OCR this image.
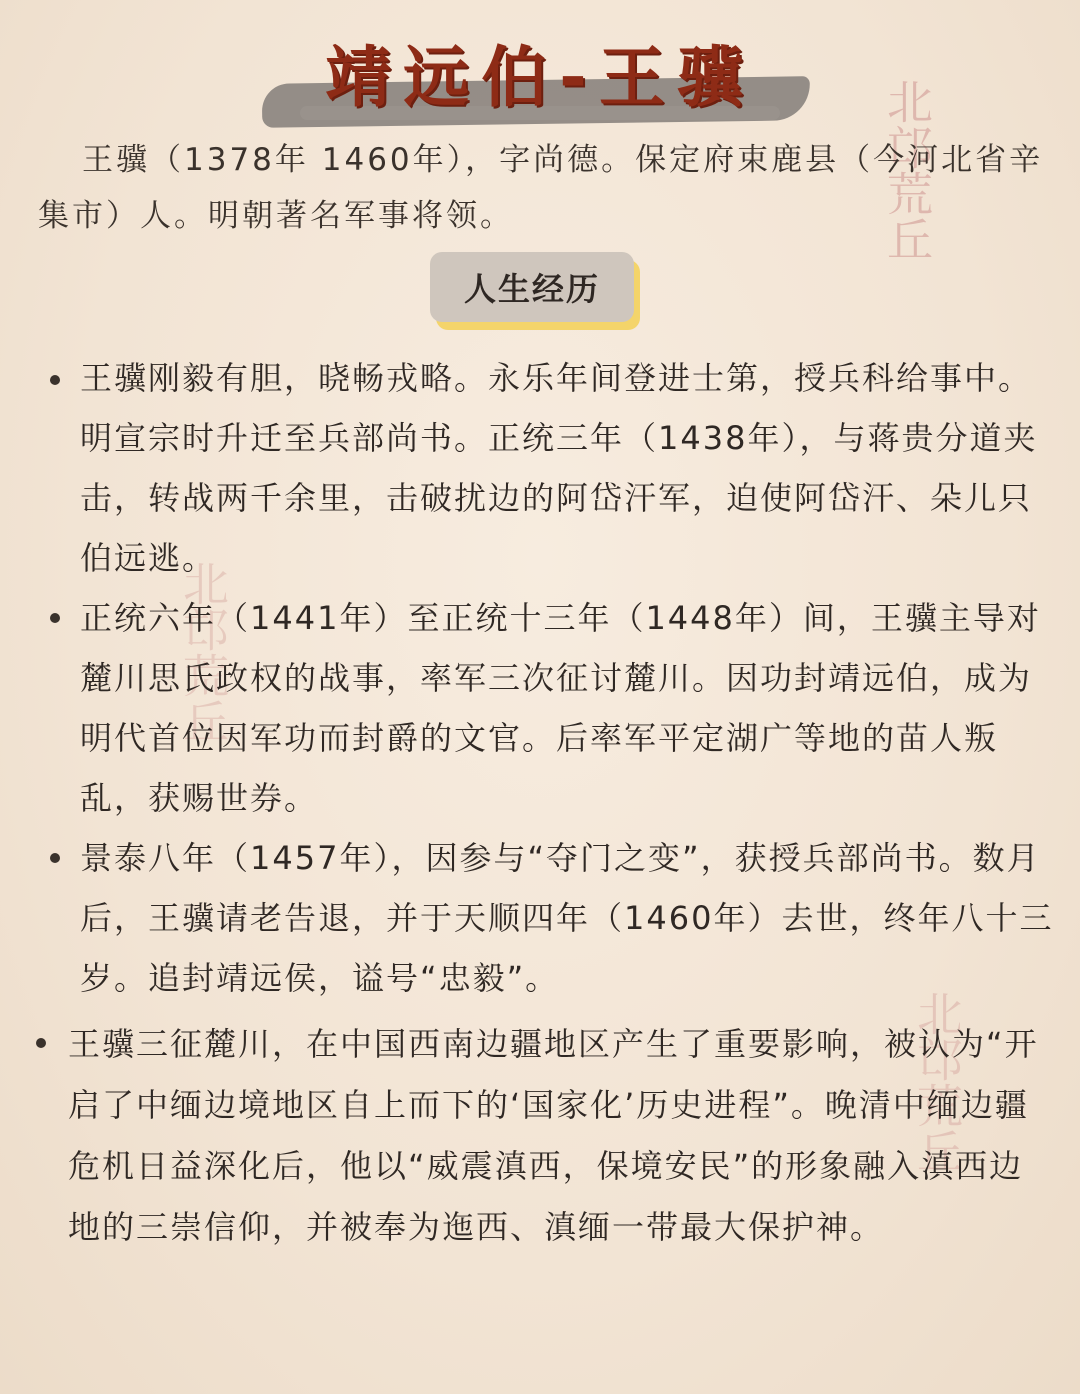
靖远伯-王骥
北邙荒丘
北邙荒丘
北邙荒丘
王骥（1378年 1460年），字尚德。保定府束鹿县（今河北省辛集市）人。明朝著名军事将领。
人生经历
王骥刚毅有胆，晓畅戎略。永乐年间登进士第，授兵科给事中。明宣宗时升迁至兵部尚书。正统三年（1438年），与蒋贵分道夹击，转战两千余里，击破扰边的阿岱汗军，迫使阿岱汗、朵儿只伯远逃。
正统六年（1441年）至正统十三年（1448年）间，王骥主导对麓川思氏政权的战事，率军三次征讨麓川。因功封靖远伯，成为明代首位因军功而封爵的文官。后率军平定湖广等地的苗人叛乱，获赐世券。
景泰八年（1457年），因参与“夺门之变”，获授兵部尚书。数月后，王骥请老告退，并于天顺四年（1460年）去世，终年八十三岁。追封靖远侯，谥号“忠毅”。
王骥三征麓川，在中国西南边疆地区产生了重要影响，被认为“开启了中缅边境地区自上而下的‘国家化’历史进程”。晚清中缅边疆危机日益深化后，他以“威震滇西，保境安民”的形象融入滇西边地的三崇信仰，并被奉为迤西、滇缅一带最大保护神。
